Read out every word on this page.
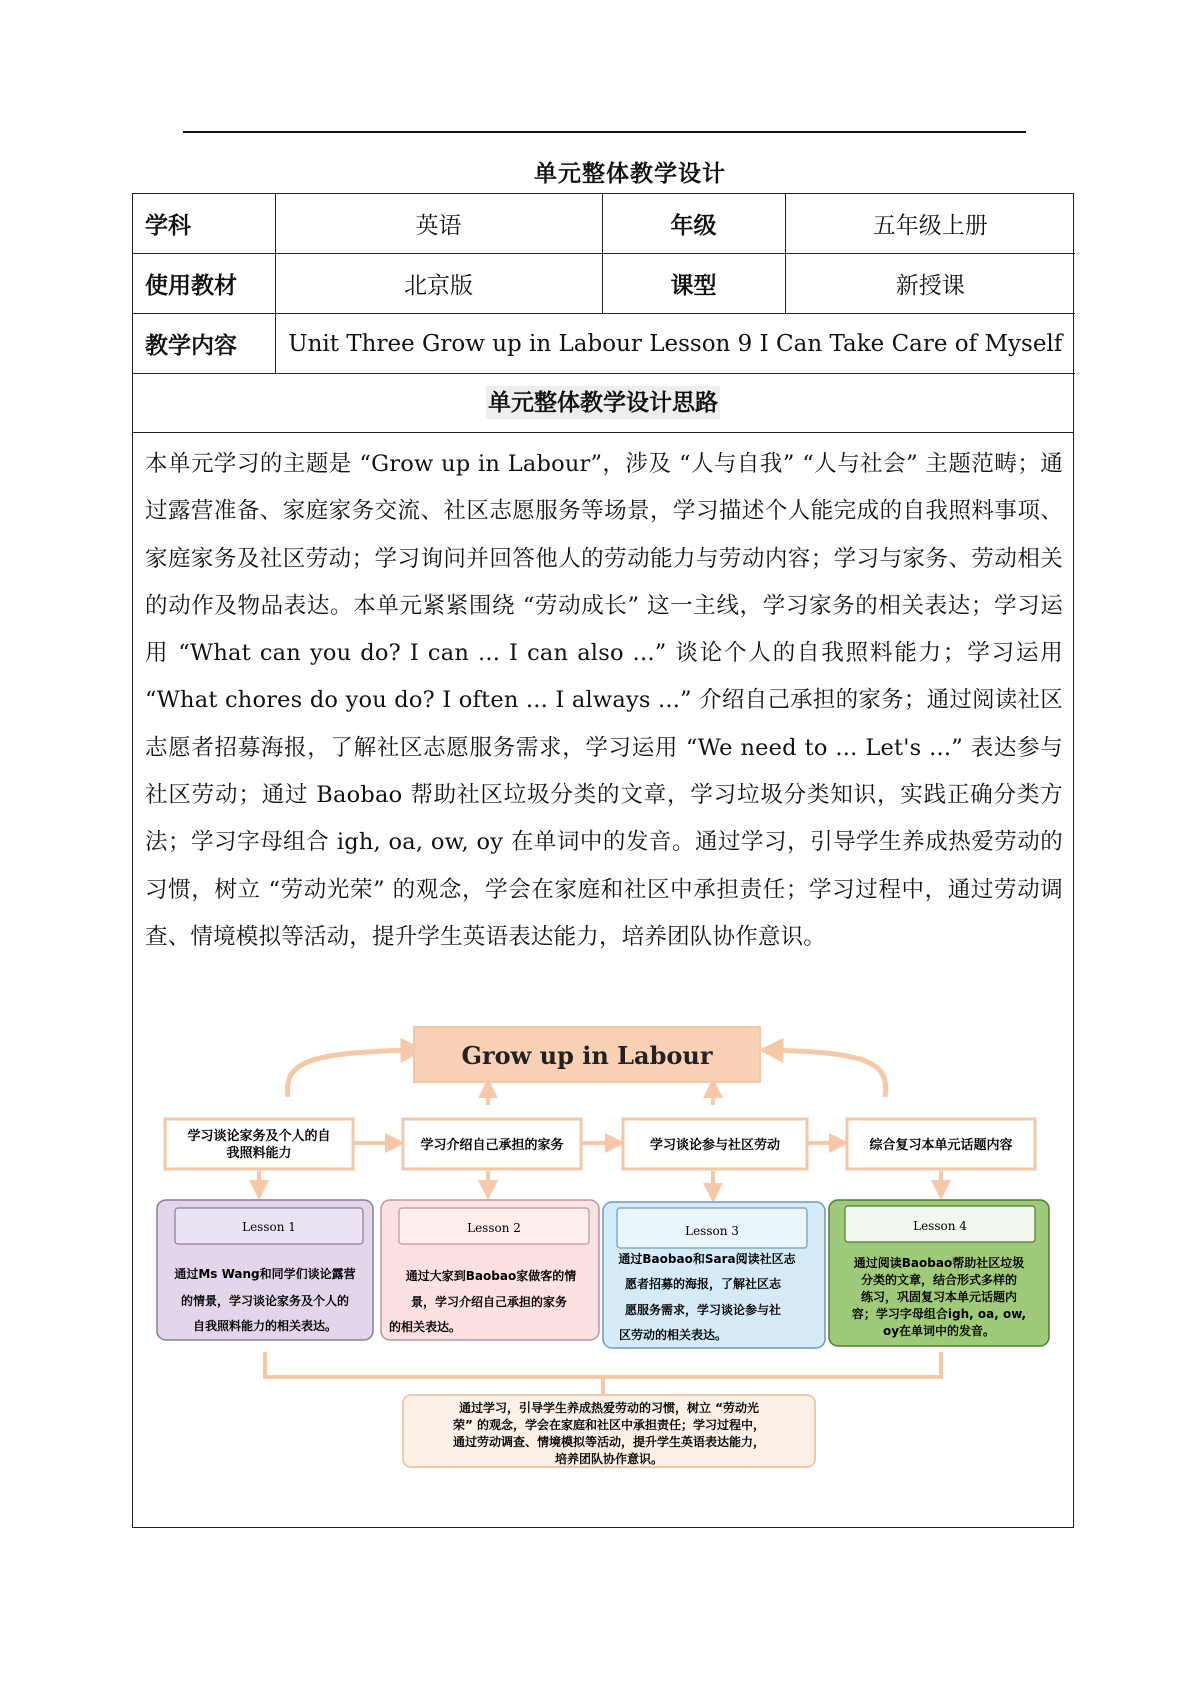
单元整体教学设计
学科	英语	年级	五年级上册
使用教材	北京版	课型	新授课
教学内容	Unit Three Grow up in Labour Lesson 9 I Can Take Care of Myself		
单元整体教学设计思路
本单元学习的主题是 “Grow up in Labour”，涉及 “人与自我” “人与社会” 主题范畴；通过露营准备、家庭家务交流、社区志愿服务等场景，学习描述个人能完成的自我照料事项、家庭家务及社区劳动；学习询问并回答他人的劳动能力与劳动内容；学习与家务、劳动相关的动作及物品表达。本单元紧紧围绕 “劳动成长” 这一主线，学习家务的相关表达；学习运用 “What can you do? I can ... I can also ...” 谈论个人的自我照料能力；学习运用 “What chores do you do? I often ... I always ...” 介绍自己承担的家务；通过阅读社区志愿者招募海报，了解社区志愿服务需求，学习运用 “We need to ... Let's ...” 表达参与社区劳动；通过 Baobao 帮助社区垃圾分类的文章，学习垃圾分类知识，实践正确分类方法；学习字母组合 igh, oa, ow, oy 在单词中的发音。通过学习，引导学生养成热爱劳动的习惯，树立 “劳动光荣” 的观念，学会在家庭和社区中承担责任；学习过程中，通过劳动调查、情境模拟等活动，提升学生英语表达能力，培养团队协作意识。
Grow up in Labour
学习谈论家务及个人的自
我照料能力
学习介绍自己承担的家务	学习谈论参与社区劳动	综合复习本单元话题内容
Lesson 1
通过Ms Wang和同学们谈论露营
的情景，学习谈论家务及个人的
自我照料能力的相关表达。
Lesson 2
通过大家到Baobao家做客的情
景，学习介绍自己承担的家务
的相关表达。
Lesson 3
通过Baobao和Sara阅读社区志
愿者招募的海报，了解社区志
愿服务需求，学习谈论参与社
区劳动的相关表达。
Lesson 4
通过阅读Baobao帮助社区垃圾
分类的文章，结合形式多样的
练习，巩固复习本单元话题内
容；学习字母组合igh, oa, ow,
oy在单词中的发音。
通过学习，引导学生养成热爱劳动的习惯，树立 “劳动光
荣” 的观念，学会在家庭和社区中承担责任；学习过程中，
通过劳动调查、情境模拟等活动，提升学生英语表达能力，
培养团队协作意识。
